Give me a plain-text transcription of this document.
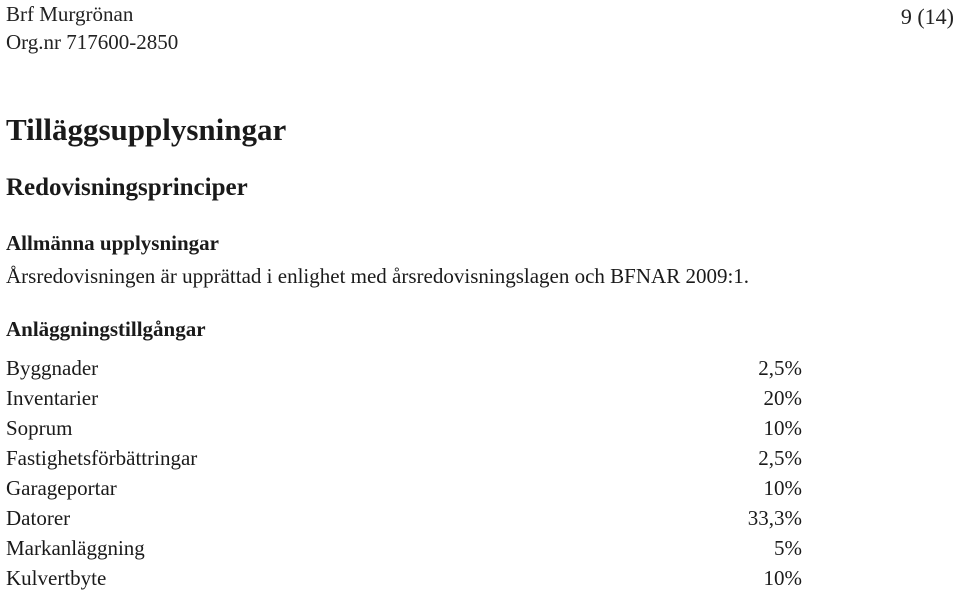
Brf Murgrönan
Org.nr 717600-2850
9 (14)
Tilläggsupplysningar
Redovisningsprinciper
Allmänna upplysningar
Årsredovisningen är upprättad i enlighet med årsredovisningslagen och BFNAR 2009:1.
Anläggningstillgångar
Byggnader	2,5%
Inventarier	20%
Soprum	10%
Fastighetsförbättringar	2,5%
Garageportar	10%
Datorer	33,3%
Markanläggning	5%
Kulvertbyte	10%
